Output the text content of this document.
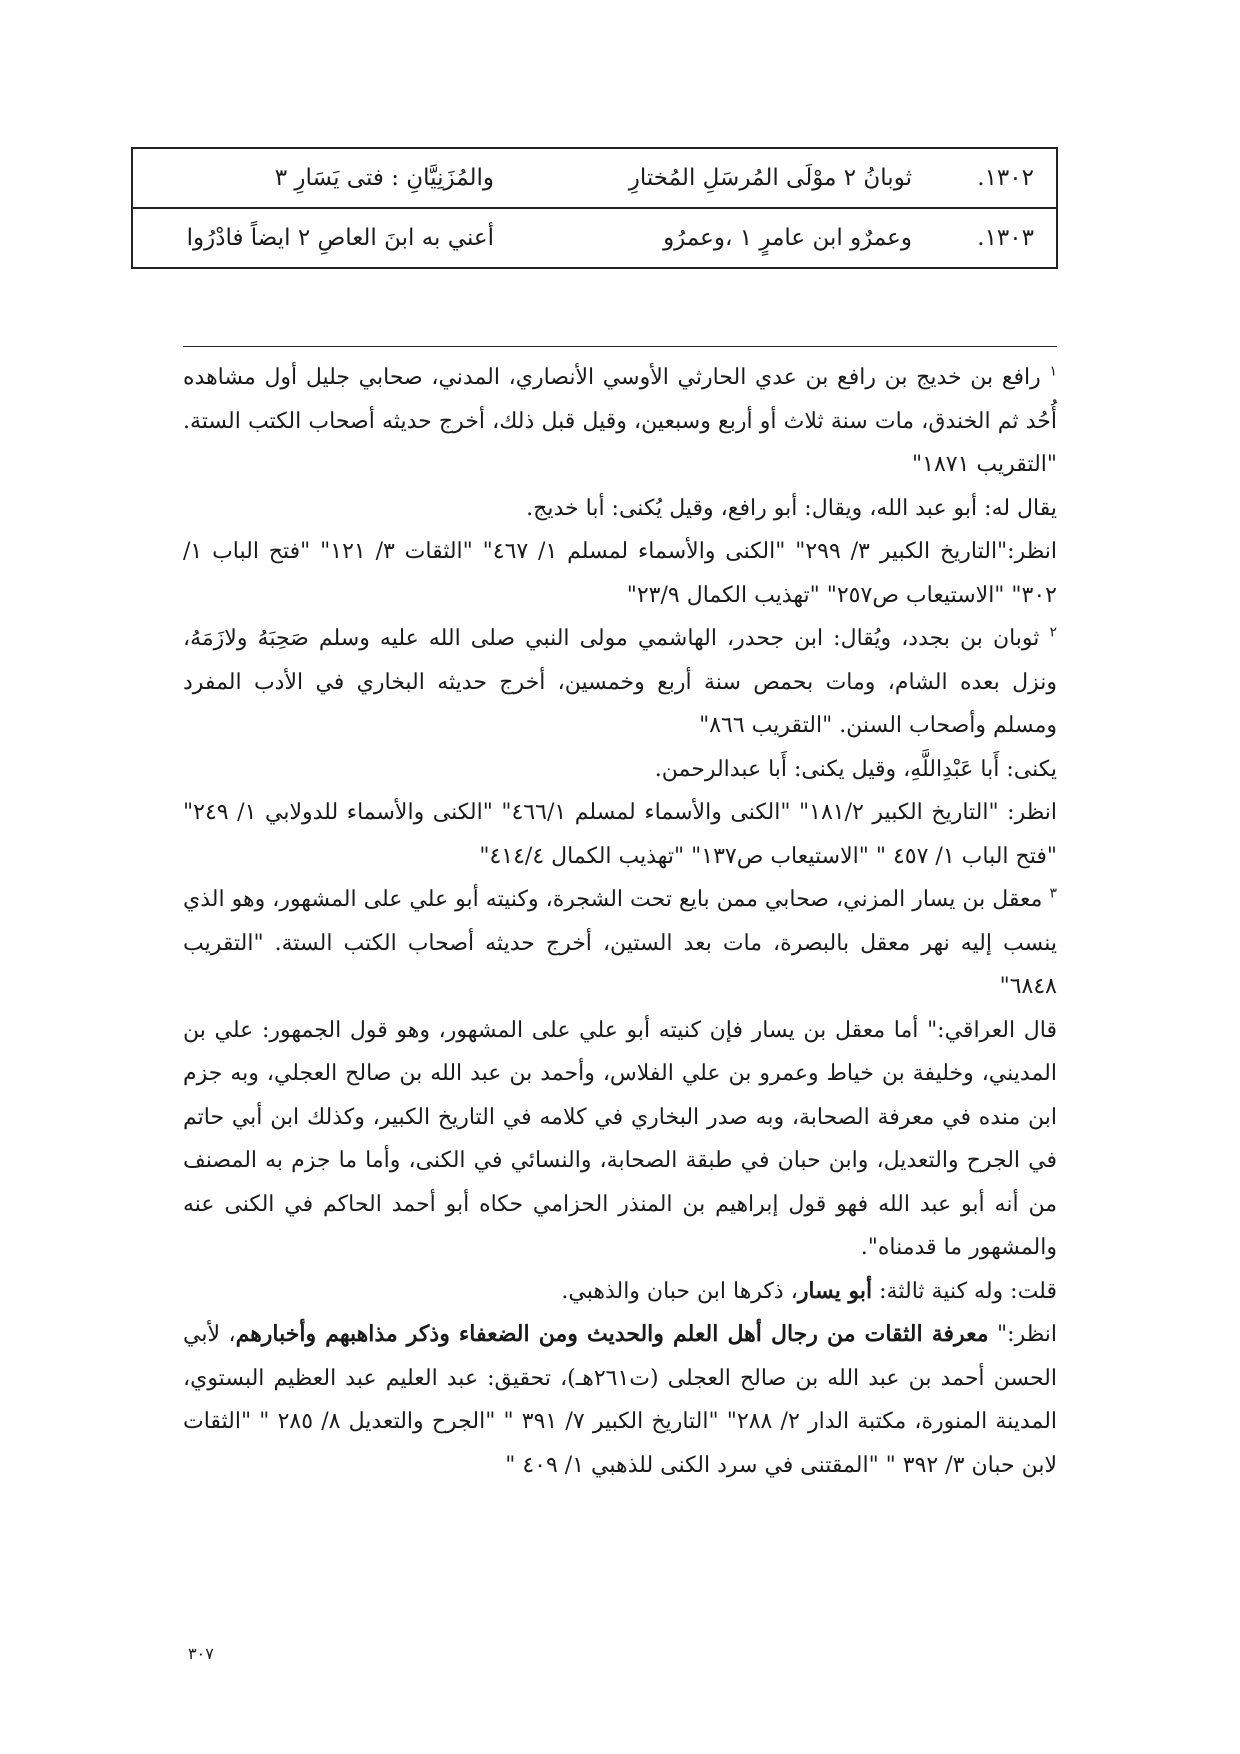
١٣٠٢.	ثوبانُ ٢ موْلَى المُرسَلِ المُختارِ	والمُزَنِيَّانِ : فتى يَسَارِ ٣
١٣٠٣.	وعمرٌو ابن عامرٍ ١ ،وعمرُو	أعني به ابنَ العاصِ ٢ ايضاً فادْرُوا

$^١$ رافع بن خديج بن رافع بن عدي الحارثي الأوسي الأنصاري، المدني، صحابي جليل أول مشاهده أُحُد ثم الخندق، مات سنة ثلاث أو أربع وسبعين، وقيل قبل ذلك، أخرج حديثه أصحاب الكتب الستة. "التقريب ١٨٧١"

يقال له: أبو عبد الله، ويقال: أبو رافع، وقيل يُكنى: أبا خديج.

انظر:"التاريخ الكبير ٣/ ٢٩٩" "الكنى والأسماء لمسلم ١/ ٤٦٧" "الثقات ٣/ ١٢١" "فتح الباب ١/ ٣٠٢" "الاستيعاب ص٢٥٧" "تهذيب الكمال ٢٣/٩"

$^٢$ ثوبان بن بجدد، ويُقال: ابن جحدر، الهاشمي مولى النبي صلى الله عليه وسلم صَحِبَهُ ولازَمَهُ، ونزل بعده الشام، ومات بحمص سنة أربع وخمسين، أخرج حديثه البخاري في الأدب المفرد ومسلم وأصحاب السنن. "التقريب ٨٦٦"

يكنى: أَبا عَبْدِاللَّهِ، وقيل يكنى: أَبا عبدالرحمن.

انظر: "التاريخ الكبير ١٨١/٢" "الكنى والأسماء لمسلم ٤٦٦/١" "الكنى والأسماء للدولابي ١/ ٢٤٩" "فتح الباب ١/ ٤٥٧ " "الاستيعاب ص١٣٧" "تهذيب الكمال ٤١٤/٤"

$^٣$ معقل بن يسار المزني، صحابي ممن بايع تحت الشجرة، وكنيته أبو علي على المشهور، وهو الذي ينسب إليه نهر معقل بالبصرة، مات بعد الستين، أخرج حديثه أصحاب الكتب الستة. "التقريب ٦٨٤٨"

قال العراقي:" أما معقل بن يسار فإن كنيته أبو علي على المشهور، وهو قول الجمهور: علي بن المديني، وخليفة بن خياط وعمرو بن علي الفلاس، وأحمد بن عبد الله بن صالح العجلي، وبه جزم ابن منده في معرفة الصحابة، وبه صدر البخاري في كلامه في التاريخ الكبير، وكذلك ابن أبي حاتم في الجرح والتعديل، وابن حبان في طبقة الصحابة، والنسائي في الكنى، وأما ما جزم به المصنف من أنه أبو عبد الله فهو قول إبراهيم بن المنذر الحزامي حكاه أبو أحمد الحاكم في الكنى عنه والمشهور ما قدمناه".

قلت: وله كنية ثالثة: أبو يسار، ذكرها ابن حبان والذهبي.

انظر:" معرفة الثقات من رجال أهل العلم والحديث ومن الضعفاء وذكر مذاهبهم وأخبارهم، لأبي الحسن أحمد بن عبد الله بن صالح العجلى (ت٢٦١هـ)، تحقيق: عبد العليم عبد العظيم البستوي، المدينة المنورة، مكتبة الدار ٢/ ٢٨٨" "التاريخ الكبير ٧/ ٣٩١ " "الجرح والتعديل ٨/ ٢٨٥ " "الثقات لابن حبان ٣/ ٣٩٢ " "المقتنى في سرد الكنى للذهبي ١/ ٤٠٩ "

٣٠٧
